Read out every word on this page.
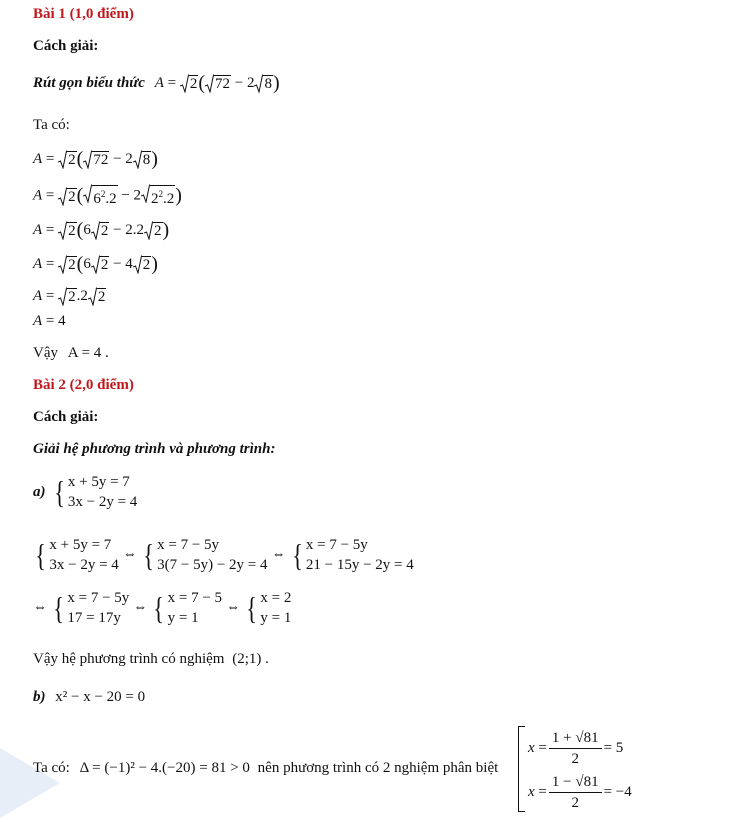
Bài 1 (1,0 điểm)
Cách giải:
Rút gọn biểu thức A = 2 ( 72 − 2 8 )
Ta có:
A = 2 ( 72 − 2 8 )
A = 2 ( $6^2.2 - 2$ $2^2.2$ )
A = 2 (6 2 − 2.2 2 )
A = 2 (6 2 − 4 2 )
A = 2 .2 2
A = 4
Vậy A = 4 .
Bài 2 (2,0 điểm)
Cách giải:
Giải hệ phương trình và phương trình:
a) { x + 5y = 7
3x − 2y = 4
{ x + 5y = 7
3x − 2y = 4
⇔ { x = 7 − 5y
3(7 − 5y) − 2y = 4
⇔ { x = 7 − 5y
21 − 15y − 2y = 4
⇔ { x = 7 − 5y
17 = 17y
⇔ { x = 7 − 5
y = 1
⇔ { x = 2
y = 1
Vậy hệ phương trình có nghiệm (2;1) .
b) x² − x − 20 = 0
Ta có: Δ = (−1)² − 4.(−20) = 81 > 0 nên phương trình có 2 nghiệm phân biệt
$x = \frac{1 + √81}{2} = 5$
$x = \frac{1 - √81}{2} = -4$
